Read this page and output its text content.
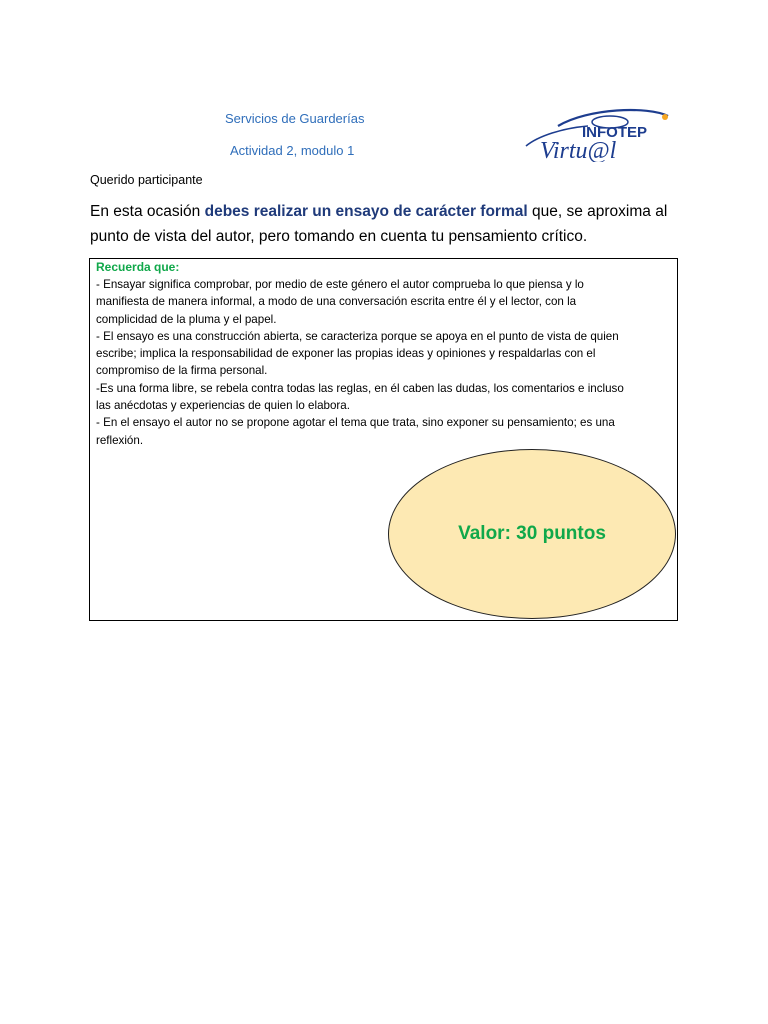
Servicios de Guarderías

Actividad 2, modulo 1

INFOTEP
Virtu@l

Querido participante

En esta ocasión debes realizar un ensayo de carácter formal que, se aproxima al punto de vista del autor, pero tomando en cuenta tu pensamiento crítico.

Recuerda que:

- Ensayar significa comprobar, por medio de este género el autor comprueba lo que piensa y lo
manifiesta de manera informal, a modo de una conversación escrita entre él y el lector, con la
complicidad de la pluma y el papel.
- El ensayo es una construcción abierta, se caracteriza porque se apoya en el punto de vista de quien
escribe; implica la responsabilidad de exponer las propias ideas y opiniones y respaldarlas con el
compromiso de la firma personal.
-Es una forma libre, se rebela contra todas las reglas, en él caben las dudas, los comentarios e incluso
las anécdotas y experiencias de quien lo elabora.
- En el ensayo el autor no se propone agotar el tema que trata, sino exponer su pensamiento; es una
reflexión.
Valor: 30 puntos
